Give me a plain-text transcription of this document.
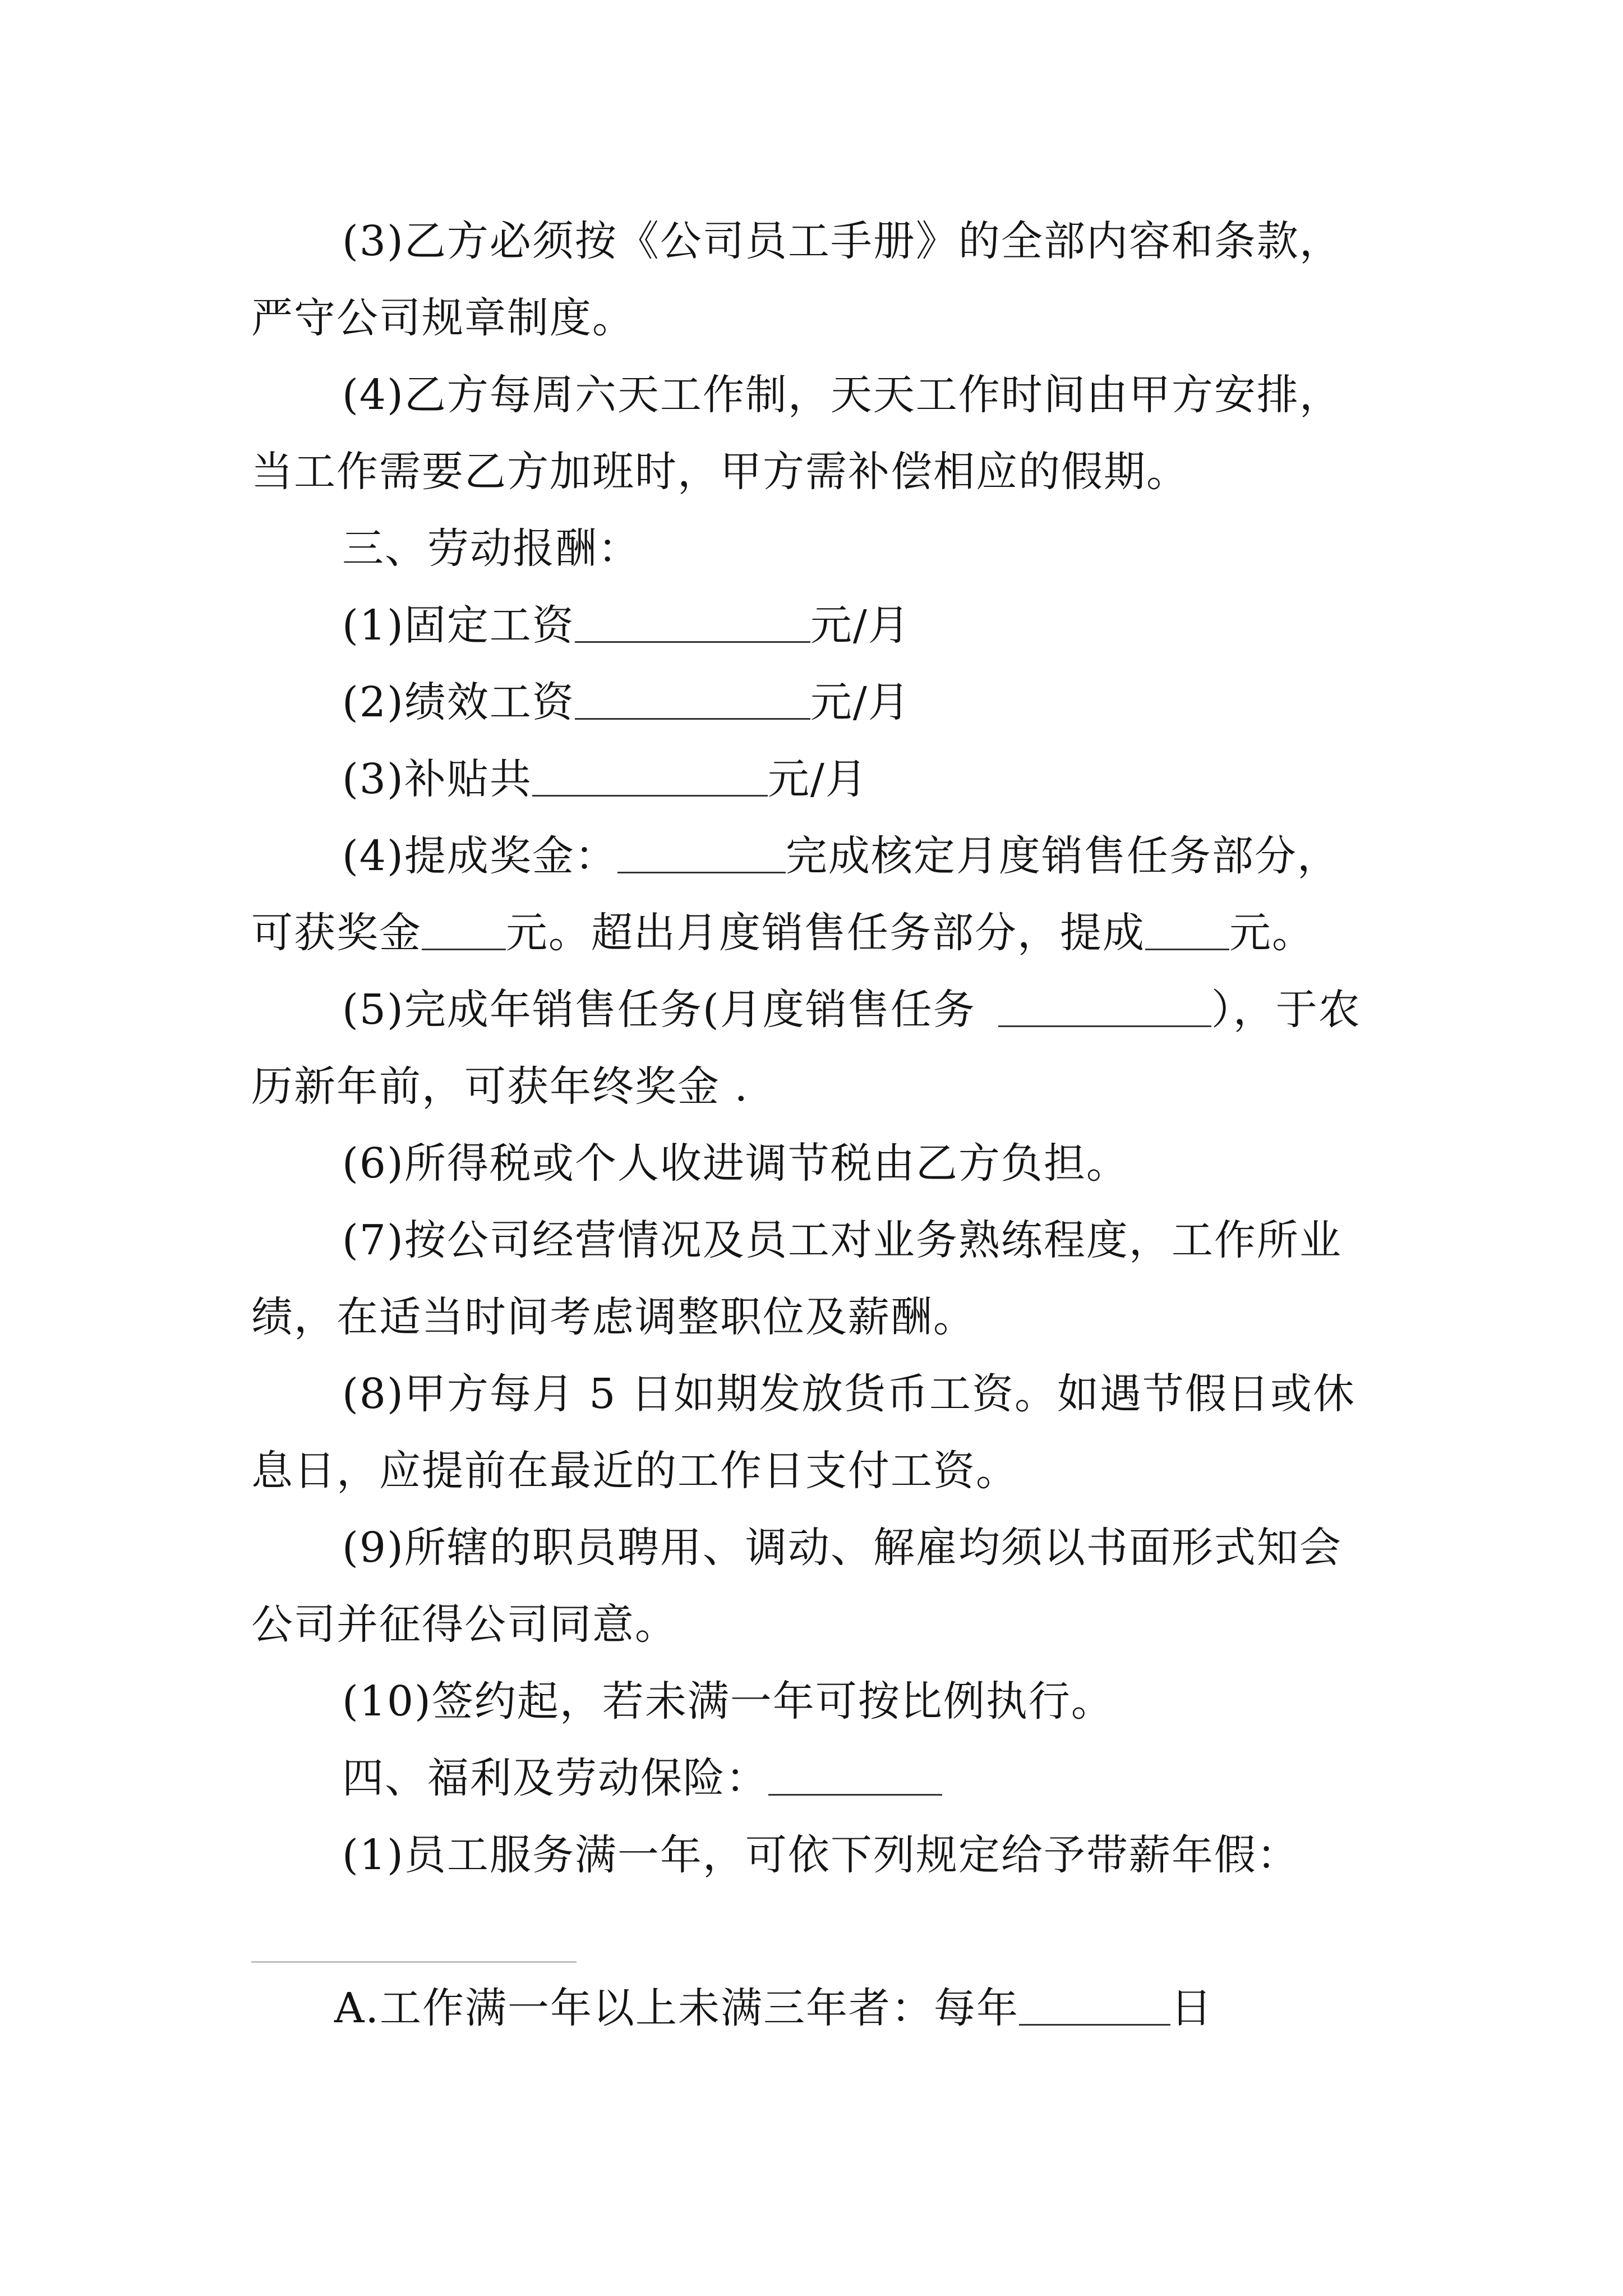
(3)乙方必须按《公司员工手册》的全部内容和条款，
严守公司规章制度。
(4)乙方每周六天工作制，天天工作时间由甲方安排，
当工作需要乙方加班时，甲方需补偿相应的假期。
三、劳动报酬：
(1)固定工资	元/月
(2)绩效工资	元/月
(3)补贴共	元/月
(4)提成奖金：	完成核定月度销售任务部分，
可获奖金 元。超出月度销售任务部分，提成 元。
(5)完成年销售任务(月度销售任务	），于农
历新年前，可获年终奖金 .
(6)所得税或个人收进调节税由乙方负担。
(7)按公司经营情况及员工对业务熟练程度，工作所业
绩，在适当时间考虑调整职位及薪酬。
(8)甲方每月 5 日如期发放货币工资。如遇节假日或休
息日，应提前在最近的工作日支付工资。
(9)所辖的职员聘用、调动、解雇均须以书面形式知会
公司并征得公司同意。
(10)签约起，若未满一年可按比例执行。
四、福利及劳动保险：
(1)员工服务满一年，可依下列规定给予带薪年假：
A.工作满一年以上未满三年者：每年	日
